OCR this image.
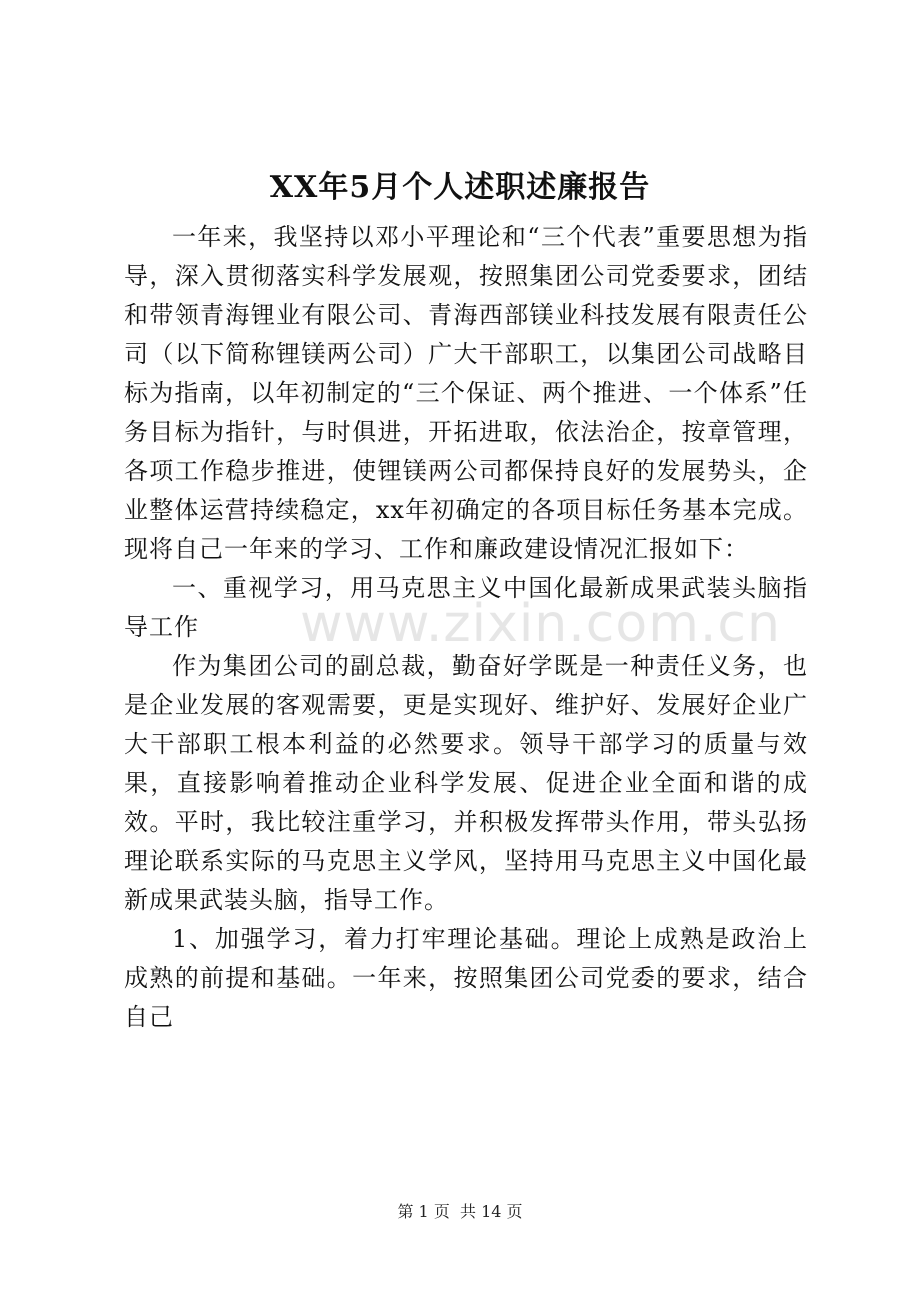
www.zixin.com.cn
XX年5月个人述职述廉报告

一年来，我坚持以邓小平理论和“三个代表”重要思想为指导，深入贯彻落实科学发展观，按照集团公司党委要求，团结和带领青海锂业有限公司、青海西部镁业科技发展有限责任公司（以下简称锂镁两公司）广大干部职工，以集团公司战略目标为指南，以年初制定的“三个保证、两个推进、一个体系”任务目标为指针，与时俱进，开拓进取，依法治企，按章管理，各项工作稳步推进，使锂镁两公司都保持良好的发展势头，企业整体运营持续稳定，xx年初确定的各项目标任务基本完成。现将自己一年来的学习、工作和廉政建设情况汇报如下：

一、重视学习，用马克思主义中国化最新成果武装头脑指导工作

作为集团公司的副总裁，勤奋好学既是一种责任义务，也是企业发展的客观需要，更是实现好、维护好、发展好企业广大干部职工根本利益的必然要求。领导干部学习的质量与效果，直接影响着推动企业科学发展、促进企业全面和谐的成效。平时，我比较注重学习，并积极发挥带头作用，带头弘扬理论联系实际的马克思主义学风，坚持用马克思主义中国化最新成果武装头脑，指导工作。

1、加强学习，着力打牢理论基础。理论上成熟是政治上成熟的前提和基础。一年来，按照集团公司党委的要求，结合自己

第 1 页  共 14 页
